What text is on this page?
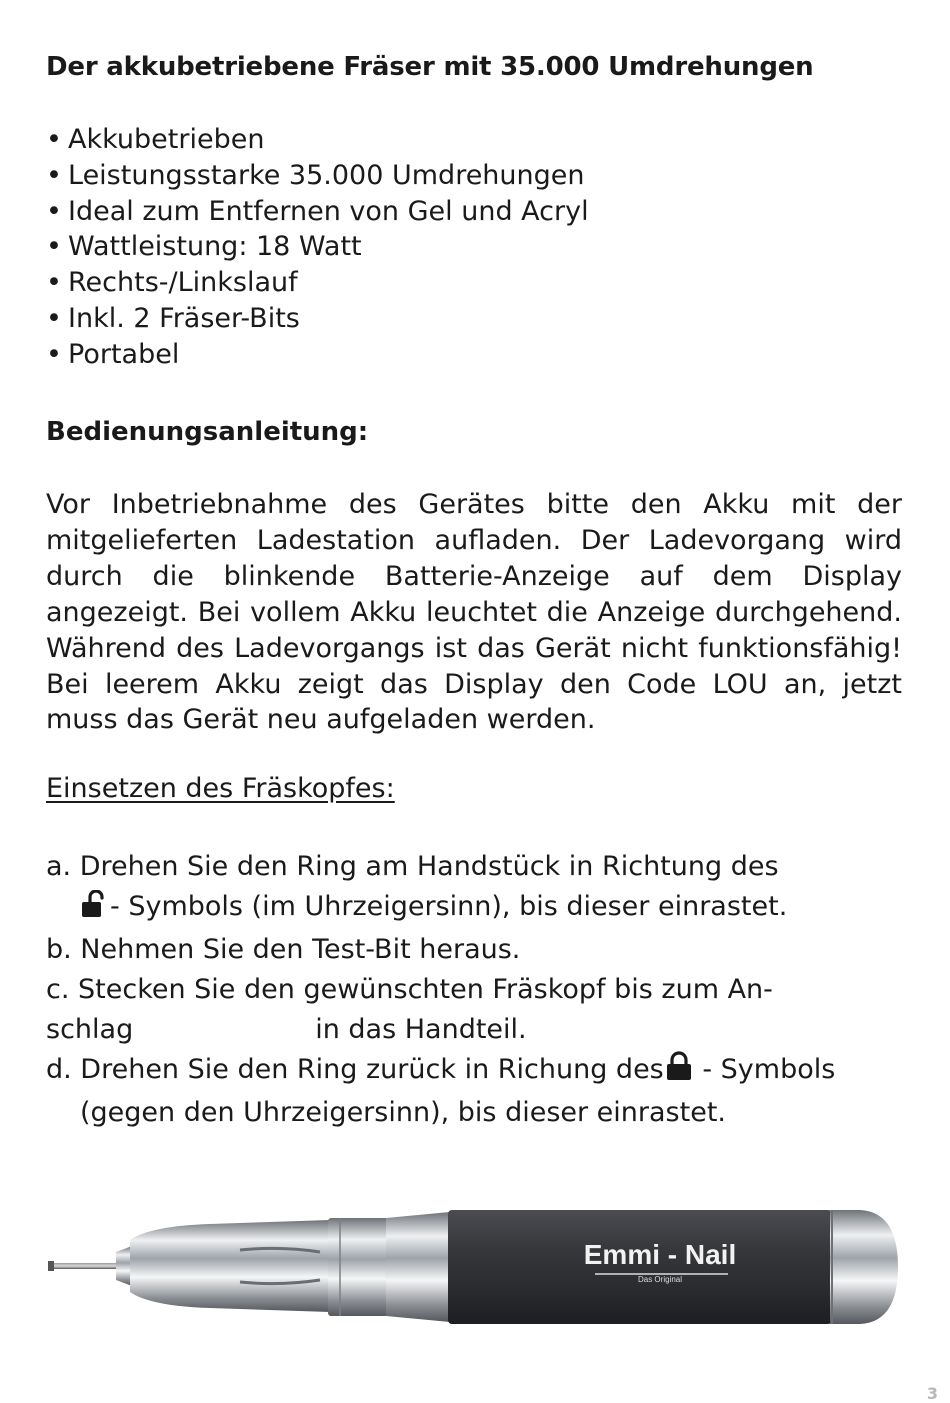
Der akkubetriebene Fräser mit 35.000 Umdrehungen
• Akkubetrieben
• Leistungsstarke 35.000 Umdrehungen
• Ideal zum Entfernen von Gel und Acryl
• Wattleistung: 18 Watt
• Rechts-/Linkslauf
• Inkl. 2 Fräser-Bits
• Portabel
Bedienungsanleitung:

Vor Inbetriebnahme des Gerätes bitte den Akku mit der mitgelieferten Ladestation aufladen. Der Ladevorgang wird durch die blinkende Batterie-Anzeige auf dem Display angezeigt. Bei vollem Akku leuchtet die Anzeige durchgehend. Während des Ladevorgangs ist das Gerät nicht funktionsfähig! Bei leerem Akku zeigt das Display den Code LOU an, jetzt muss das Gerät neu aufgeladen werden.

Einsetzen des Fräskopfes:
a. Drehen Sie den Ring am Handstück in Richtung des
- Symbols (im Uhrzeigersinn), bis dieser einrastet.
b. Nehmen Sie den Test-Bit heraus.
c. Stecken Sie den gewünschten Fräskopf bis zum An-
schlag	in das Handteil.
d. Drehen Sie den Ring zurück in Richung des - Symbols
(gegen den Uhrzeigersinn), bis dieser einrastet.
Emmi - Nail
Das Original
3
